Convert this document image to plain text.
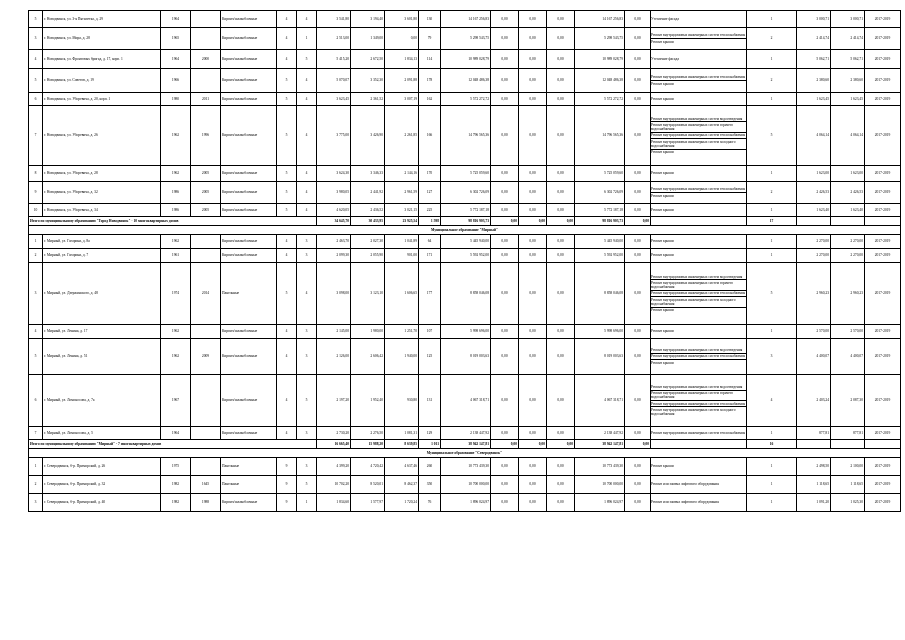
5	г. Новодвинск, ул. 3-я Пятилетка, д. 29	1964		Кирпич/шлакоблочные	4	4	3 541,80	3 194,40	3 601,80	130	14 167 256,83	0,00	0,00	0,00	14 167 256,83	0,00	Утепление фасада	1	3 000,71	3 000,71	2017-2019
3	г. Новодвинск, ул. Мира, д. 28	1965		Кирпич/шлакоблочные	4	1	2 513,00	1 349,00	0,00	79	5 298 543,75	0,00	0,00	0,00	5 298 543,75	0,00	Ремонт внутридомовых инженерных систем теплоснабжения
Ремонт крыши	2	2 414,74	2 414,74	2017-2019
4	г. Новодвинск, ул. Фронтовых бригад, д. 17, корп. 1	1964	2000	Кирпич/шлакоблочные	4	5	5 415,20	2 672,50	1 834,13	114	10 989 028,79	0,00	0,00	0,00	10 989 028,79	0,00	Утепление фасада	1	5 062,71	5 062,71	2017-2019
5	г. Новодвинск, ул. Советов, д. 19	1966		Кирпич/шлакоблочные	5	4	5 070,07	3 352,30	2 091,88	178	12 048 486,38	0,00	0,00	0,00	12 048 486,38	0,00	Ремонт внутридомовых инженерных систем теплоснабжения
Ремонт крыши	2	2 380,60	2 380,60	2017-2019
6	г. Новодвинск, ул. Уборевича, д. 20, корп. 1	1980	2011	Кирпич/шлакоблочные	5	4	3 623,45	2 361,52	3 007,19	162	5 572 272,72	0,00	0,00	0,00	5 572 272,72	0,00	Ремонт крыши	1	1 623,45	1 623,45	2017-2019
7	г. Новодвинск, ул. Уборевича, д. 26	1962	1996	Кирпич/шлакоблочные	5	4	3 775,00	3 426,90	2 261,85	166	14 796 565,36	0,00	0,00	0,00	14 796 565,36	0,00	Ремонт внутридомовых инженерных систем водоотведения
Ремонт внутридомовых инженерных систем горячего водоснабжения
Ремонт внутридомовых инженерных систем теплоснабжения
Ремонт внутридомовых инженерных систем холодного водоснабжения
Ремонт крыши	5	4 064,14	4 064,14	2017-2019
8	г. Новодвинск, ул. Уборевича, д. 28	1962	2005	Кирпич/шлакоблочные	5	4	3 624,30	3 346,33	2 144,16	170	5 725 059,60	0,00	0,00	0,00	5 725 059,60	0,00	Ремонт крыши	1	1 623,00	1 623,00	2017-2019
9	г. Новодвинск, ул. Уборевича, д. 32	1986	2005	Кирпич/шлакоблочные	5	4	3 980,05	2 441,92	2 961,59	127	6 302 726,09	0,00	0,00	0,00	6 302 726,09	0,00	Ремонт внутридомовых инженерных систем теплоснабжения
Ремонт крыши	2	2 426,53	2 426,53	2017-2019
10	г. Новодвинск, ул. Уборевича, д. 34	1986	2005	Кирпич/шлакоблочные	5	4	4 620,05	2 436,52	3 021,15	225	5 772 187,18	0,00	0,00	0,00	5 772 187,18	0,00	Ремонт крыши	1	1 623,40	1 623,40	2017-2019
Итого по муниципальному образованию "Город Новодвинск" - 10 многоквартирных домов							34 645,70	30 433,95	23 925,54	1 598	98 816 903,73	0,00	0,00	0,00	98 816 903,73	0,00		17			
Муниципальное образование "Мирный"																					
1	г. Мирный, ул. Гагарина, д. 8а	1962		Кирпич/шлакоблочные	4	3	2 463,70	2 027,30	1 041,89	64	5 445 940,00	0,00	0,00	0,00	5 445 940,00	0,00	Ремонт крыши	1	2 270,00	2 270,00	2017-2019
2	г. Мирный, ул. Гагарина, д. 7	1961		Кирпич/шлакоблочные	4	3	2 099,30	2 055,90	901,00	171	5 592 952,00	0,00	0,00	0,00	5 592 952,00	0,00	Ремонт крыши	1	2 270,00	2 270,00	2017-2019
3	г. Мирный, ул. Дзержинского, д. 48	1974	2014	Панельные	5	4	3 098,00	3 123,10	1 606,65	177	8 858 046,08	0,00	0,00	0,00	8 858 046,08	0,00	Ремонт внутридомовых инженерных систем водоотведения
Ремонт внутридомовых инженерных систем горячего водоснабжения
Ремонт внутридомовых инженерных систем теплоснабжения
Ремонт внутридомовых инженерных систем холодного водоснабжения
Ремонт крыши	5	2 960,23	2 960,23	2017-2019
4	г. Мирный, ул. Ленина, д. 17	1962		Кирпич/шлакоблочные	4	3	2 145,00	1 980,00	1 251,70	107	5 998 696,00	0,00	0,00	0,00	5 998 696,00	0,00	Ремонт крыши	1	2 570,00	2 570,00	2017-2019
5	г. Мирный, ул. Ленина, д. 51	1962	2009	Кирпич/шлакоблочные	4	3	2 126,00	2 606,42	1 940,00	125	8 019 003,63	0,00	0,00	0,00	8 019 003,63	0,00	Ремонт внутридомовых инженерных систем водоотведения
Ремонт внутридомовых инженерных систем теплоснабжения
Ремонт крыши	3	4 400,07	4 400,07	2017-2019
6	г. Мирный, ул. Ломоносова, д. 7а	1967		Кирпич/шлакоблочные	4	5	2 197,20	1 952,40	930,80	131	4 067 318,71	0,00	0,00	0,00	4 067 318,71	0,00	Ремонт внутридомовых инженерных систем водоотведения
Ремонт внутридомовых инженерных систем горячего водоснабжения
Ремонт внутридомовых инженерных систем теплоснабжения
Ремонт внутридомовых инженерных систем холодного водоснабжения	4	2 403,24	2 087,30	2017-2019
7	г. Мирный, ул. Ломоносова, д. 5	1964		Кирпич/шлакоблочные	4	3	2 730,20	2 276,50	1 081,31	129	2 138 447,92	0,00	0,00	0,00	2 138 447,92	0,00	Ремонт внутридомовых инженерных систем теплоснабжения	1	877,81	877,81	2017-2019
Итого по муниципальному образованию "Мирный" - 7 многоквартирных домов							16 665,40	15 988,20	8 639,85	1 011	38 942 147,81	0,00	0,00	0,00	38 942 147,81	0,00		16			
Муниципальное образование "Северодвинск"																					
1	г. Северодвинск, б-р. Приморский, д. 26	1975		Панельные	9	3	4 399,20	4 720,42	4 637,46	260	10 773 439,30	0,00	0,00	0,00	10 773 439,30	0,00	Ремонт крыши	1	2 498,50	2 100,00	2017-2019
2	г. Северодвинск, б-р. Приморский, д. 32	1982	1645	Панельные	9	5	10 702,20	8 520,01	8 462,37	350	10 700 000,00	0,00	0,00	0,00	10 700 000,00	0,00	Ремонт или замена лифтового оборудования	1	1 118,65	1 118,65	2017-2019
3	г. Северодвинск, б-р. Приморский, д. 40	1982	1988	Кирпич/шлакоблочные	9	1	1 834,60	1 577,97	1 720,24	76	1 896 024,97	0,00	0,00	0,00	1 896 024,97	0,00	Ремонт или замена лифтового оборудования	1	1 091,20	1 025,30	2017-2019
